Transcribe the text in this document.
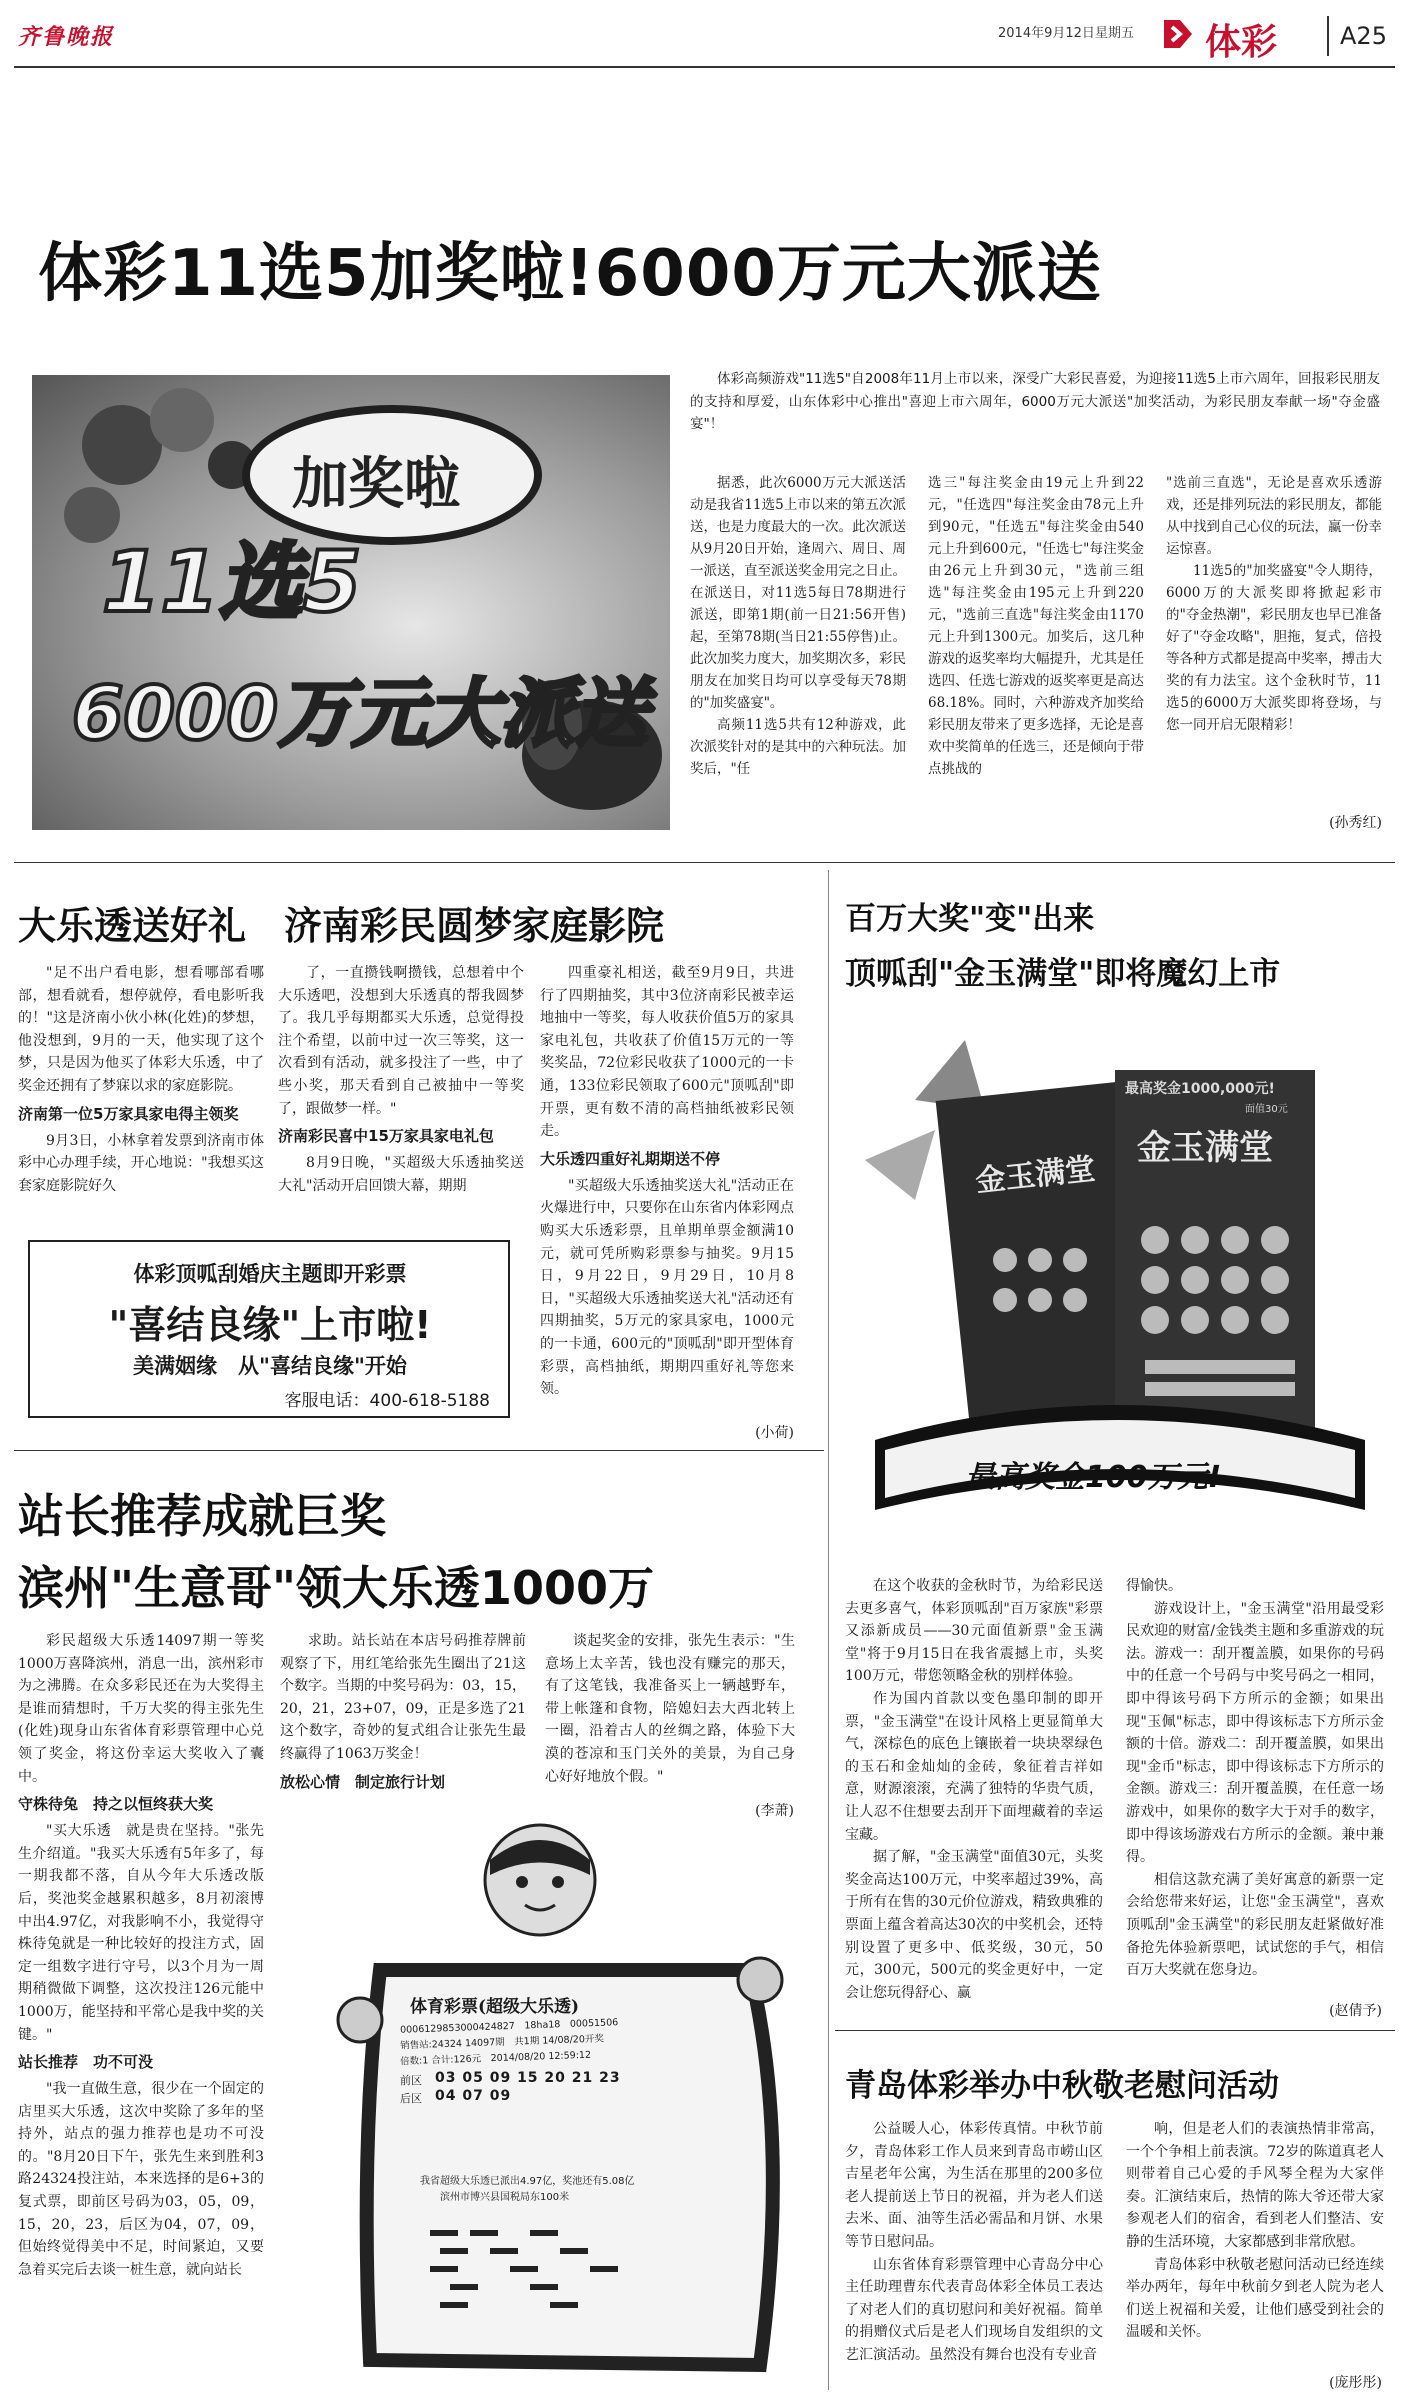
齐鲁晚报	2014年9月12日 星期五 体彩	A25
体彩11选5加奖啦!6000万元大派送
11选5
加奖啦
6000万元大派送

体彩高频游戏"11选5"自2008年11月上市以来，深受广大彩民喜爱，为迎接11选5上市六周年，回报彩民朋友的支持和厚爱，山东体彩中心推出"喜迎上市六周年，6000万元大派送"加奖活动，为彩民朋友奉献一场"夺金盛宴"！

据悉，此次6000万元大派送活动是我省11选5上市以来的第五次派送，也是力度最大的一次。此次派送从9月20日开始，逢周六、周日、周一派送，直至派送奖金用完之日止。在派送日，对11选5每日78期进行派送，即第1期(前一日21:56开售)起，至第78期(当日21:55停售)止。此次加奖力度大，加奖期次多，彩民朋友在加奖日均可以享受每天78期的"加奖盛宴"。

高频11选5共有12种游戏，此次派奖针对的是其中的六种玩法。加奖后，"任

选三"每注奖金由19元上升到22元，"任选四"每注奖金由78元上升到90元，"任选五"每注奖金由540元上升到600元，"任选七"每注奖金由26元上升到30元，"选前三组选"每注奖金由195元上升到220元，"选前三直选"每注奖金由1170元上升到1300元。加奖后，这几种游戏的返奖率均大幅提升，尤其是任选四、任选七游戏的返奖率更是高达68.18%。同时，六种游戏齐加奖给彩民朋友带来了更多选择，无论是喜欢中奖简单的任选三，还是倾向于带点挑战的

"选前三直选"，无论是喜欢乐透游戏，还是排列玩法的彩民朋友，都能从中找到自己心仪的玩法，赢一份幸运惊喜。

11选5的"加奖盛宴"令人期待，6000万的大派奖即将掀起彩市的"夺金热潮"，彩民朋友也早已准备好了"夺金攻略"，胆拖，复式，倍投等各种方式都是提高中奖率，搏击大奖的有力法宝。这个金秋时节，11选5的6000万大派奖即将登场，与您一同开启无限精彩！

(孙秀红)
大乐透送好礼　济南彩民圆梦家庭影院

"足不出户看电影，想看哪部看哪部，想看就看，想停就停，看电影听我的！"这是济南小伙小林(化姓)的梦想，他没想到，9月的一天，他实现了这个梦，只是因为他买了体彩大乐透，中了奖金还拥有了梦寐以求的家庭影院。

济南第一位5万家具家电得主领奖

9月3日，小林拿着发票到济南市体彩中心办理手续，开心地说："我想买这套家庭影院好久

了，一直攒钱啊攒钱，总想着中个大乐透吧，没想到大乐透真的帮我圆梦了。我几乎每期都买大乐透，总觉得投注个希望，以前中过一次三等奖，这一次看到有活动，就多投注了一些，中了些小奖，那天看到自己被抽中一等奖了，跟做梦一样。"

济南彩民喜中15万家具家电礼包

8月9日晚，"买超级大乐透抽奖送大礼"活动开启回馈大幕，期期

四重豪礼相送，截至9月9日，共进行了四期抽奖，其中3位济南彩民被幸运地抽中一等奖，每人收获价值5万的家具家电礼包，共收获了价值15万元的一等奖奖品，72位彩民收获了1000元的一卡通，133位彩民领取了600元"顶呱刮"即开票，更有数不清的高档抽纸被彩民领走。

大乐透四重好礼期期送不停

"买超级大乐透抽奖送大礼"活动正在火爆进行中，只要你在山东省内体彩网点购买大乐透彩票，且单期单票金额满10元，就可凭所购彩票参与抽奖。9月15日，9月22日，9月29日，10月8日，"买超级大乐透抽奖送大礼"活动还有四期抽奖，5万元的家具家电，1000元的一卡通，600元的"顶呱刮"即开型体育彩票，高档抽纸，期期四重好礼等您来领。

(小荷)
体彩顶呱刮婚庆主题即开彩票
"喜结良缘"上市啦!
美满姻缘　从"喜结良缘"开始
客服电话：400-618-5188
百万大奖"变"出来
顶呱刮"金玉满堂"即将魔幻上市
金玉满堂
金玉满堂
最高奖金1000,000元!
面值30元
最高奖金100万元!

在这个收获的金秋时节，为给彩民送去更多喜气，体彩顶呱刮"百万家族"彩票又添新成员——30元面值新票"金玉满堂"将于9月15日在我省震撼上市，头奖100万元，带您领略金秋的别样体验。

作为国内首款以变色墨印制的即开票，"金玉满堂"在设计风格上更显简单大气，深棕色的底色上镶嵌着一块块翠绿色的玉石和金灿灿的金砖，象征着吉祥如意，财源滚滚，充满了独特的华贵气质，让人忍不住想要去刮开下面埋藏着的幸运宝藏。

据了解，"金玉满堂"面值30元，头奖奖金高达100万元，中奖率超过39%，高于所有在售的30元价位游戏，精致典雅的票面上蕴含着高达30次的中奖机会，还特别设置了更多中、低奖级，30元，50元，300元，500元的奖金更好中，一定会让您玩得舒心、赢

得愉快。

游戏设计上，"金玉满堂"沿用最受彩民欢迎的财富/金钱类主题和多重游戏的玩法。游戏一：刮开覆盖膜，如果你的号码中的任意一个号码与中奖号码之一相同，即中得该号码下方所示的金额；如果出现"玉佩"标志，即中得该标志下方所示金额的十倍。游戏二：刮开覆盖膜，如果出现"金币"标志，即中得该标志下方所示的金额。游戏三：刮开覆盖膜，在任意一场游戏中，如果你的数字大于对手的数字，即中得该场游戏右方所示的金额。兼中兼得。

相信这款充满了美好寓意的新票一定会给您带来好运，让您"金玉满堂"，喜欢顶呱刮"金玉满堂"的彩民朋友赶紧做好准备抢先体验新票吧，试试您的手气，相信百万大奖就在您身边。

(赵倩予)
站长推荐成就巨奖
滨州"生意哥"领大乐透1000万

彩民超级大乐透14097期一等奖1000万喜降滨州，消息一出，滨州彩市为之沸腾。在众多彩民还在为大奖得主是谁而猜想时，千万大奖的得主张先生(化姓)现身山东省体育彩票管理中心兑领了奖金，将这份幸运大奖收入了囊中。

守株待兔　持之以恒终获大奖

"买大乐透　就是贵在坚持。"张先生介绍道。"我买大乐透有5年多了，每一期我都不落，自从今年大乐透改版后，奖池奖金越累积越多，8月初滚博中出4.97亿，对我影响不小，我觉得守株待兔就是一种比较好的投注方式，固定一组数字进行守号，以3个月为一周期稍微做下调整，这次投注126元能中1000万，能坚持和平常心是我中奖的关键。"

站长推荐　功不可没

"我一直做生意，很少在一个固定的店里买大乐透，这次中奖除了多年的坚持外，站点的强力推荐也是功不可没的。"8月20日下午，张先生来到胜利3路24324投注站，本来选择的是6+3的复式票，即前区号码为03，05，09，15，20，23，后区为04，07，09，但始终觉得美中不足，时间紧迫，又要急着买完后去谈一桩生意，就向站长

求助。站长站在本店号码推荐牌前观察了下，用红笔给张先生圈出了21这个数字。当期的中奖号码为：03，15，20，21，23+07，09，正是多选了21这个数字，奇妙的复式组合让张先生最终赢得了1063万奖金！

放松心情　制定旅行计划

谈起奖金的安排，张先生表示："生意场上太辛苦，钱也没有赚完的那天，有了这笔钱，我准备买上一辆越野车，带上帐篷和食物，陪媳妇去大西北转上一圈，沿着古人的丝绸之路，体验下大漠的苍凉和玉门关外的美景，为自己身心好好地放个假。"

(李萧)
体育彩票(超级大乐透)
0006129853000424827　18ha18　00051506
销售站:24324 14097期　共1期 14/08/20开奖
倍数:1 合计:126元　2014/08/20 12:59:12
前区 03 05 09 15 20 21 23
后区 04 07 09
我省超级大乐透已派出4.97亿，奖池还有5.08亿
滨州市博兴县国税局东100米
青岛体彩举办中秋敬老慰问活动

公益暖人心，体彩传真情。中秋节前夕，青岛体彩工作人员来到青岛市崂山区吉星老年公寓，为生活在那里的200多位老人提前送上节日的祝福，并为老人们送去米、面、油等生活必需品和月饼、水果等节日慰问品。

山东省体育彩票管理中心青岛分中心主任助理曹东代表青岛体彩全体员工表达了对老人们的真切慰问和美好祝福。简单的捐赠仪式后是老人们现场自发组织的文艺汇演活动。虽然没有舞台也没有专业音

响，但是老人们的表演热情非常高，一个个争相上前表演。72岁的陈道真老人则带着自己心爱的手风琴全程为大家伴奏。汇演结束后，热情的陈大爷还带大家参观老人们的宿舍，看到老人们整洁、安静的生活环境，大家都感到非常欣慰。

青岛体彩中秋敬老慰问活动已经连续举办两年，每年中秋前夕到老人院为老人们送上祝福和关爱，让他们感受到社会的温暖和关怀。

(庞彤彤)
